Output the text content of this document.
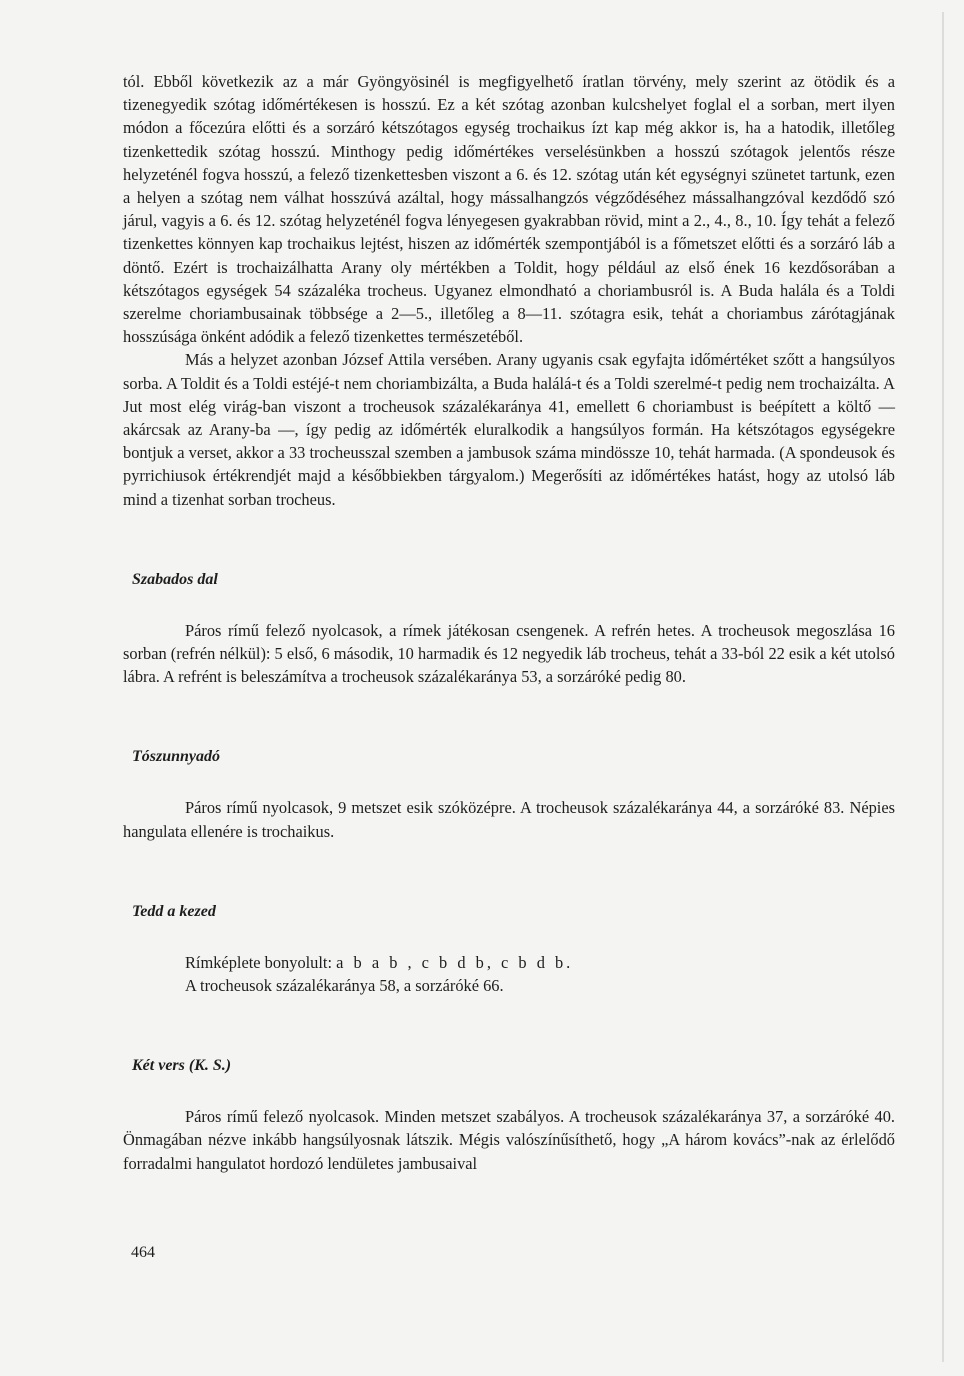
tól. Ebből következik az a már Gyöngyösinél is megfigyelhető íratlan törvény, mely szerint az ötödik és a tizenegyedik szótag időmértékesen is hosszú. Ez a két szótag azonban kulcshelyet foglal el a sorban, mert ilyen módon a főcezúra előtti és a sorzáró kétszótagos egység trochaikus ízt kap még akkor is, ha a hatodik, illetőleg tizenkettedik szótag hosszú. Minthogy pedig időmértékes verselésünkben a hosszú szótagok jelentős része helyzeténél fogva hosszú, a felező tizenkettesben viszont a 6. és 12. szótag után két egységnyi szünetet tartunk, ezen a helyen a szótag nem válhat hosszúvá azáltal, hogy mássalhangzós végződéséhez mássalhangzóval kezdődő szó járul, vagyis a 6. és 12. szótag helyzeténél fogva lényegesen gyakrabban rövid, mint a 2., 4., 8., 10. Így tehát a felező tizenkettes könnyen kap trochaikus lejtést, hiszen az időmérték szempontjából is a főmetszet előtti és a sorzáró láb a döntő. Ezért is trochaizálhatta Arany oly mértékben a Toldit, hogy például az első ének 16 kezdősorában a kétszótagos egységek 54 százaléka trocheus. Ugyanez elmondható a choriambusról is. A Buda halála és a Toldi szerelme choriambusainak többsége a 2—5., illetőleg a 8—11. szótagra esik, tehát a choriambus zárótagjának hosszúsága önként adódik a felező tizenkettes természetéből.

Más a helyzet azonban József Attila versében. Arany ugyanis csak egyfajta időmértéket szőtt a hangsúlyos sorba. A Toldit és a Toldi estéjé-t nem choriambizálta, a Buda halálá-t és a Toldi szerelmé-t pedig nem trochaizálta. A Jut most elég virág-ban viszont a trocheusok százalékaránya 41, emellett 6 choriambust is beépített a költő — akárcsak az Arany-ba —, így pedig az időmérték eluralkodik a hangsúlyos formán. Ha kétszótagos egységekre bontjuk a verset, akkor a 33 trocheusszal szemben a jambusok száma mindössze 10, tehát harmada. (A spondeusok és pyrrichiusok értékrendjét majd a későbbiekben tárgyalom.) Megerősíti az időmértékes hatást, hogy az utolsó láb mind a tizenhat sorban trocheus.

Szabados dal

Páros rímű felező nyolcasok, a rímek játékosan csengenek. A refrén hetes. A trocheusok megoszlása 16 sorban (refrén nélkül): 5 első, 6 második, 10 harmadik és 12 negyedik láb trocheus, tehát a 33-ból 22 esik a két utolsó lábra. A refrént is beleszámítva a trocheusok százalékaránya 53, a sorzáróké pedig 80.

Tószunnyadó

Páros rímű nyolcasok, 9 metszet esik szóközépre. A trocheusok százalékaránya 44, a sorzáróké 83. Népies hangulata ellenére is trochaikus.

Tedd a kezed

Rímképlete bonyolult: a b a b , c b d b, c b d b.

A trocheusok százalékaránya 58, a sorzáróké 66.

Két vers (K. S.)

Páros rímű felező nyolcasok. Minden metszet szabályos. A trocheusok százalékaránya 37, a sorzáróké 40. Önmagában nézve inkább hangsúlyosnak látszik. Mégis valószínűsíthető, hogy „A három kovács”-nak az érlelődő forradalmi hangulatot hordozó lendületes jambusaival

464
